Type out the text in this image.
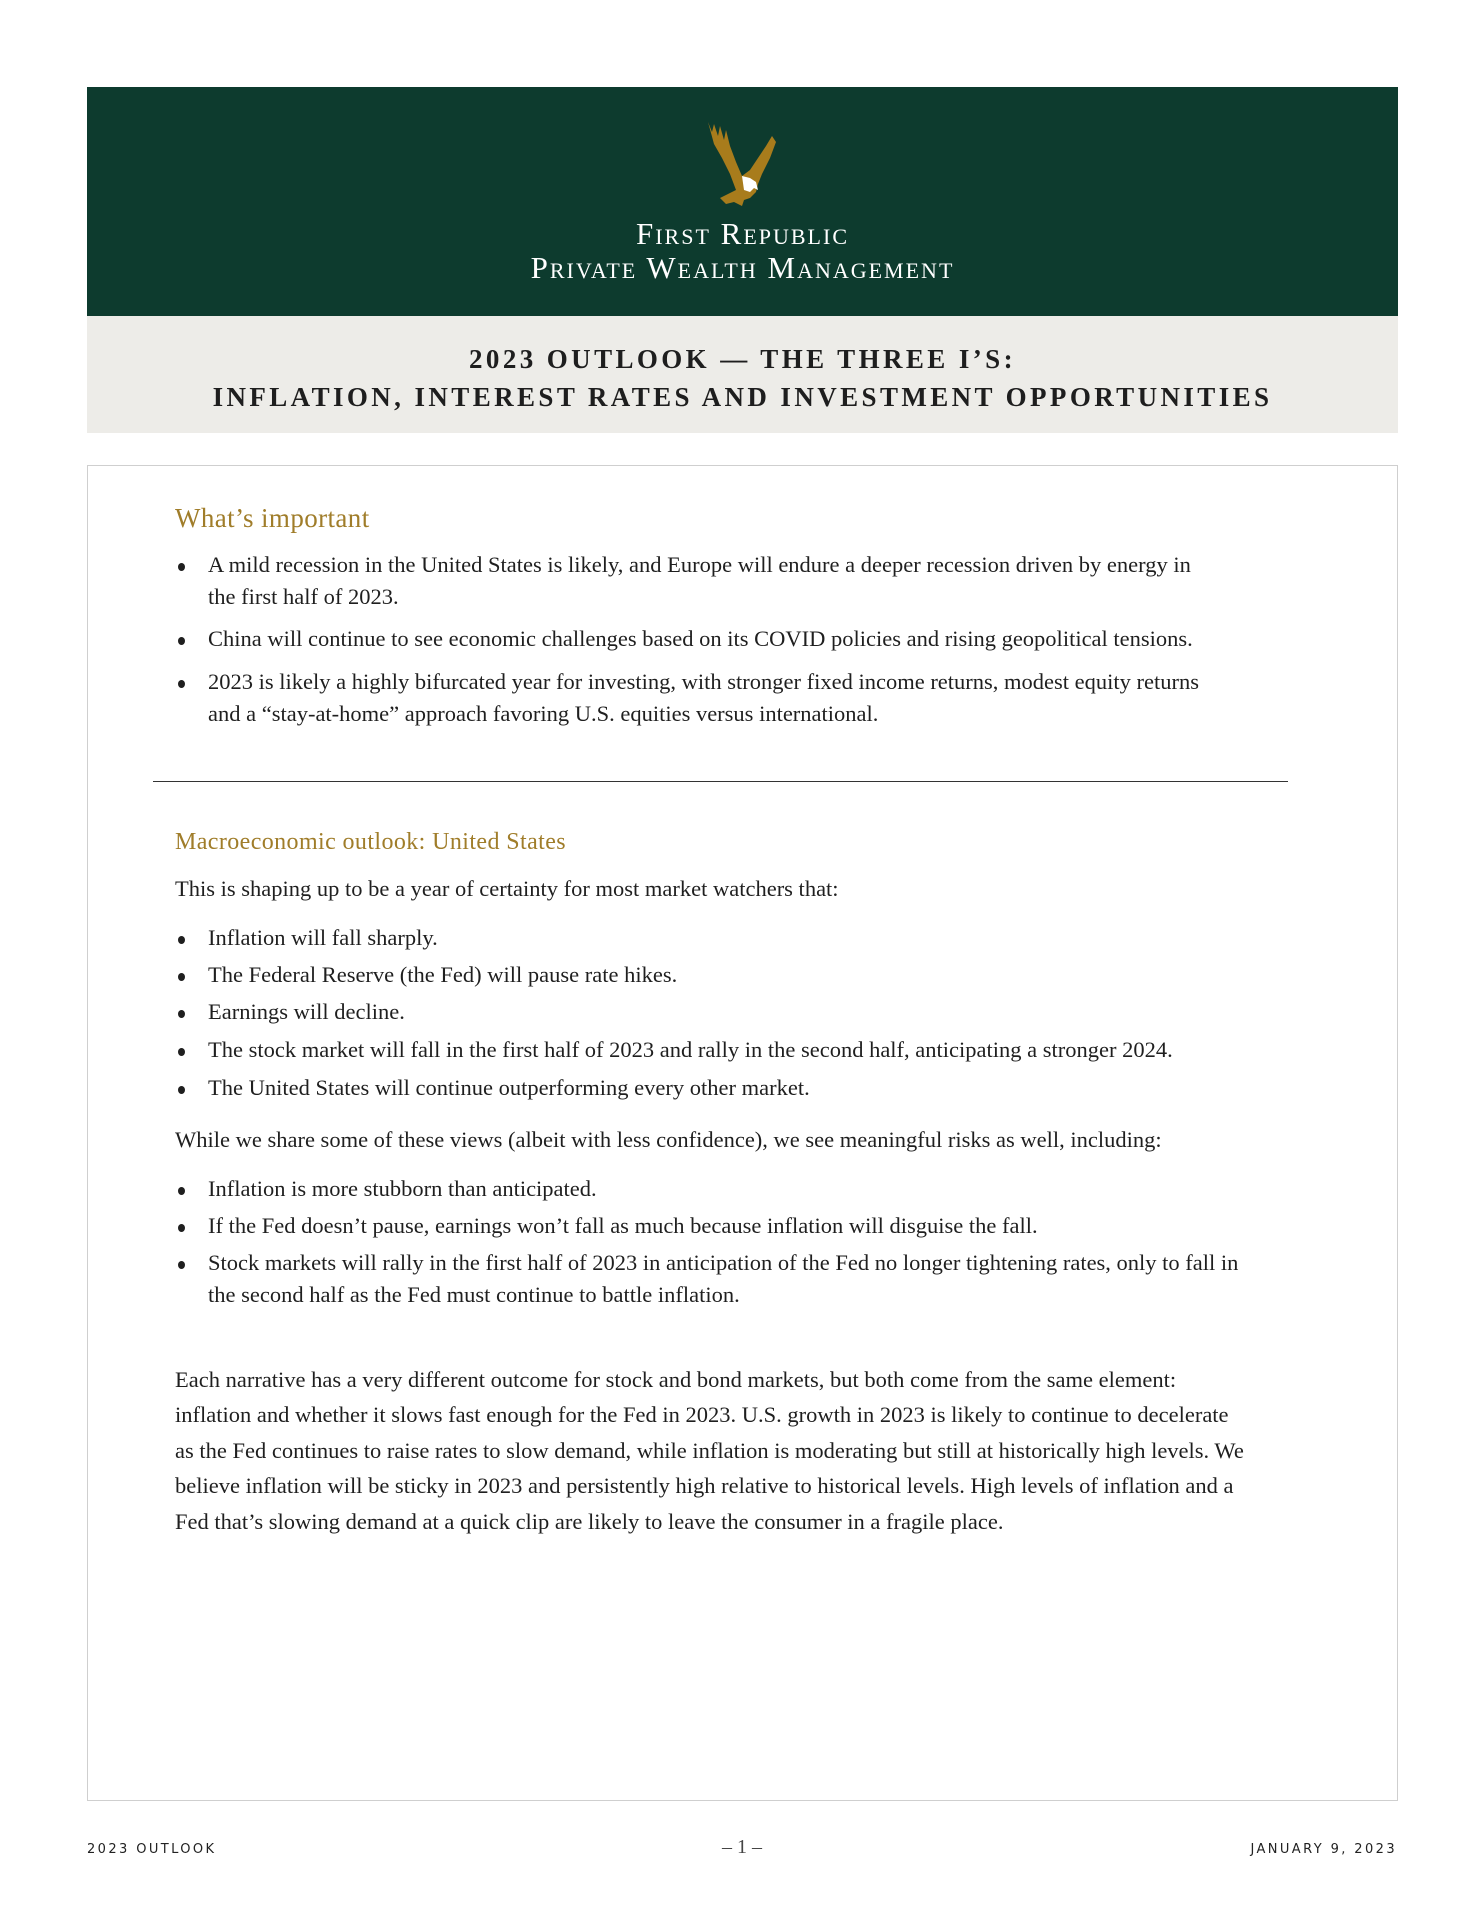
First Republic
Private Wealth Management
2023 OUTLOOK — THE THREE I’S:
INFLATION, INTEREST RATES AND INVESTMENT OPPORTUNITIES
What’s important
A mild recession in the United States is likely, and Europe will endure a deeper recession driven by energy in
the first half of 2023.
China will continue to see economic challenges based on its COVID policies and rising geopolitical tensions.
2023 is likely a highly bifurcated year for investing, with stronger fixed income returns, modest equity returns
and a “stay-at-home” approach favoring U.S. equities versus international.
Macroeconomic outlook: United States
This is shaping up to be a year of certainty for most market watchers that:
Inflation will fall sharply.
The Federal Reserve (the Fed) will pause rate hikes.
Earnings will decline.
The stock market will fall in the first half of 2023 and rally in the second half, anticipating a stronger 2024.
The United States will continue outperforming every other market.
While we share some of these views (albeit with less confidence), we see meaningful risks as well, including:
Inflation is more stubborn than anticipated.
If the Fed doesn’t pause, earnings won’t fall as much because inflation will disguise the fall.
Stock markets will rally in the first half of 2023 in anticipation of the Fed no longer tightening rates, only to fall in
the second half as the Fed must continue to battle inflation.
Each narrative has a very different outcome for stock and bond markets, but both come from the same element:
inflation and whether it slows fast enough for the Fed in 2023. U.S. growth in 2023 is likely to continue to decelerate
as the Fed continues to raise rates to slow demand, while inflation is moderating but still at historically high levels. We
believe inflation will be sticky in 2023 and persistently high relative to historical levels. High levels of inflation and a
Fed that’s slowing demand at a quick clip are likely to leave the consumer in a fragile place.
2023 OUTLOOK	– 1 –	JANUARY 9, 2023
